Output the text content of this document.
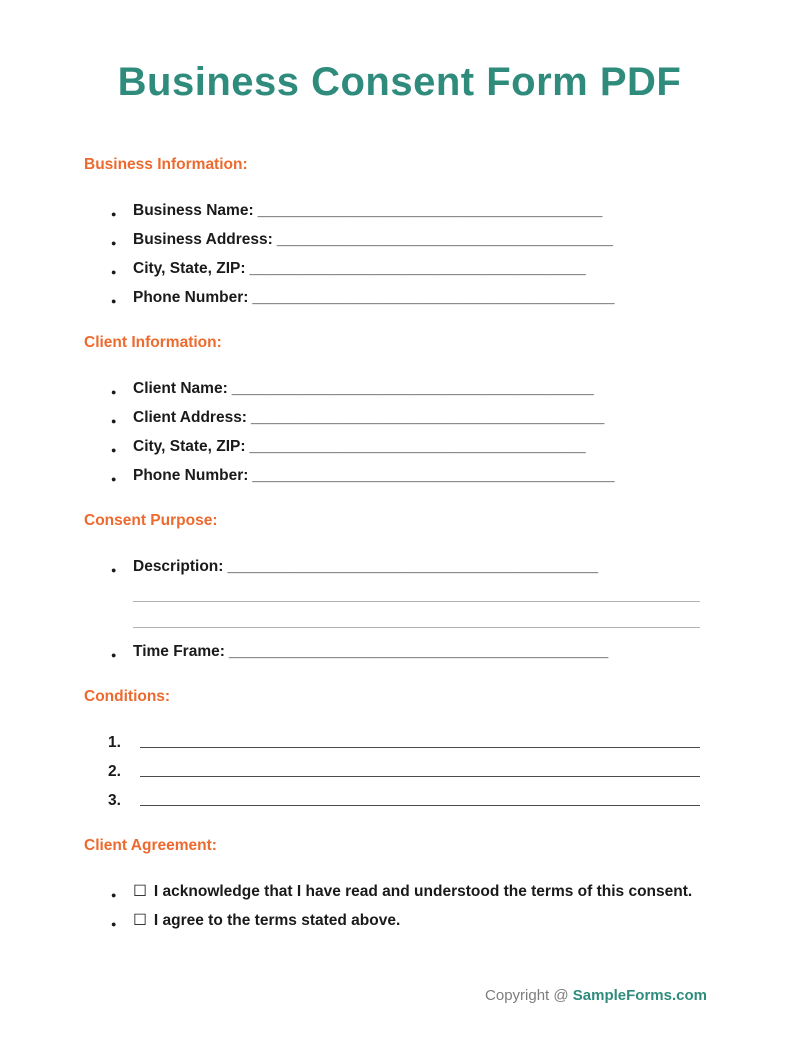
Business Consent Form PDF
Business Information:
● Business Name: ________________________________________
● Business Address: _______________________________________
● City, State, ZIP: _______________________________________
● Phone Number: __________________________________________
Client Information:
● Client Name: __________________________________________
● Client Address: _________________________________________
● City, State, ZIP: _______________________________________
● Phone Number: __________________________________________
Consent Purpose:
● Description: ___________________________________________
● Time Frame: ____________________________________________
Conditions:
1.
2.
3.
Client Agreement:
● ☐ I acknowledge that I have read and understood the terms of this consent.
● ☐ I agree to the terms stated above.
Copyright @ SampleForms.com
